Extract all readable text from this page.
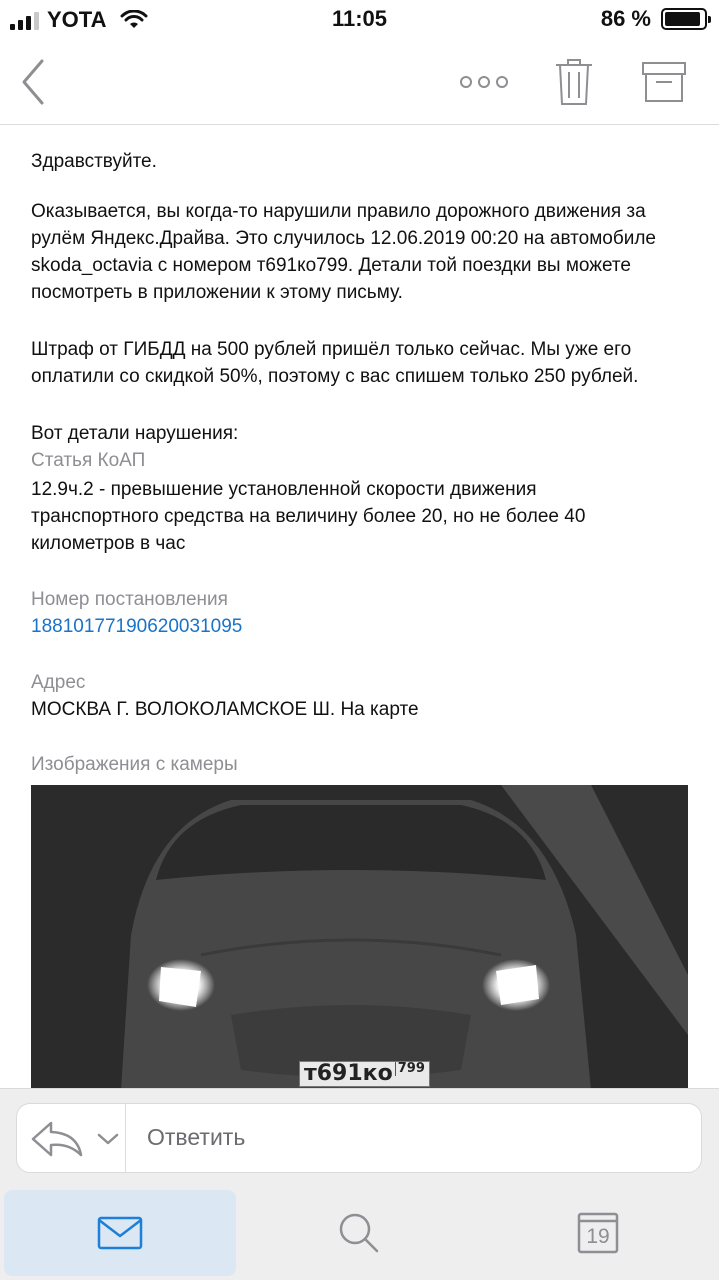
YOTA	11:05	86 %

Здравствуйте.

Оказывается, вы когда-то нарушили правило дорожного движения за

рулём Яндекс.Драйва. Это случилось 12.06.2019 00:20 на автомобиле

skoda_octavia с номером т691ко799. Детали той поездки вы можете

посмотреть в приложении к этому письму.

Штраф от ГИБДД на 500 рублей пришёл только сейчас. Мы уже его

оплатили со скидкой 50%, поэтому с вас спишем только 250 рублей.

Вот детали нарушения:

Статья КоАП

12.9ч.2 - превышение установленной скорости движения

транспортного средства на величину более 20, но не более 40

километров в час

Номер постановления

18810177190620031095

Адрес

МОСКВА Г. ВОЛОКОЛАМСКОЕ Ш. На карте

Изображения с камеры

т691ко 799
Ответить
19
